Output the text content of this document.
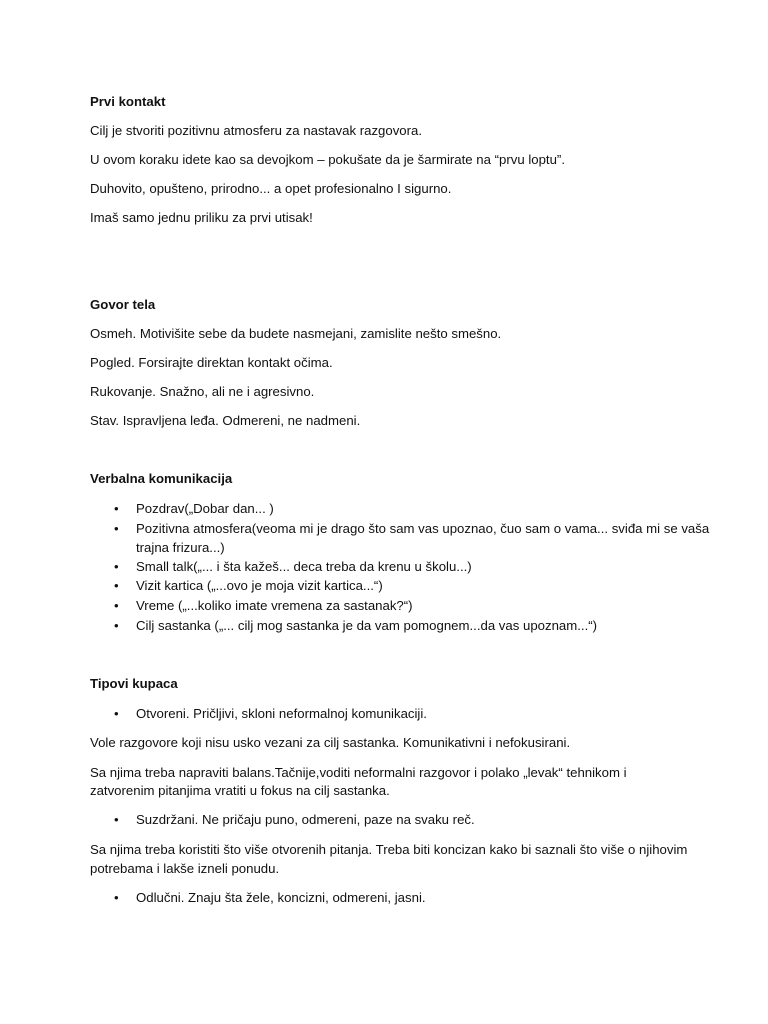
Prvi kontakt

Cilj je stvoriti pozitivnu atmosferu za nastavak razgovora.

U ovom koraku idete kao sa devojkom – pokušate da je šarmirate na “prvu loptu”.

Duhovito, opušteno, prirodno... a opet profesionalno I sigurno.

Imaš samo jednu priliku za prvi utisak!

Govor tela

Osmeh. Motivišite sebe da budete nasmejani, zamislite nešto smešno.

Pogled. Forsirajte direktan kontakt očima.

Rukovanje. Snažno, ali ne i agresivno.

Stav. Ispravljena leđa. Odmereni, ne nadmeni.

Verbalna komunikacija

• Pozdrav(„Dobar dan... )

• Pozitivna atmosfera(veoma mi je drago što sam vas upoznao, čuo sam o vama... sviđa mi se vaša

trajna frizura...)

• Small talk(„... i šta kažeš... deca treba da krenu u školu...)

• Vizit kartica („...ovo je moja vizit kartica...“)

• Vreme („...koliko imate vremena za sastanak?“)

• Cilj sastanka („... cilj mog sastanka je da vam pomognem...da vas upoznam...“)

Tipovi kupaca

• Otvoreni. Pričljivi, skloni neformalnoj komunikaciji.

Vole razgovore koji nisu usko vezani za cilj sastanka. Komunikativni i nefokusirani.

Sa njima treba napraviti balans.Tačnije,voditi neformalni razgovor i polako „levak“ tehnikom i

zatvorenim pitanjima vratiti u fokus na cilj sastanka.

• Suzdržani. Ne pričaju puno, odmereni, paze na svaku reč.

Sa njima treba koristiti što više otvorenih pitanja. Treba biti koncizan kako bi saznali što više o njihovim

potrebama i lakše izneli ponudu.

• Odlučni. Znaju šta žele, koncizni, odmereni, jasni.
